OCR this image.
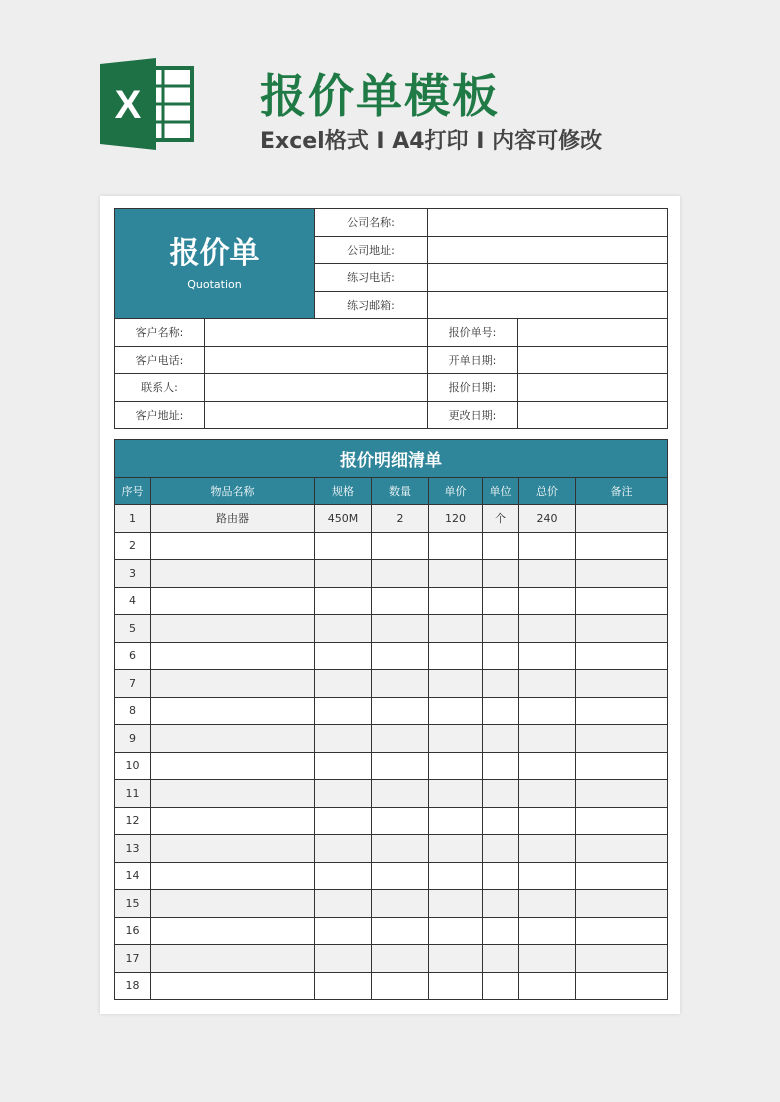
X	报价单模板
Excel格式 I A4打印 I 内容可修改
报价单
Quotation	公司名称:	
	公司地址:	
	练习电话:	
	练习邮箱:	
客户名称:		报价单号:	
客户电话:		开单日期:	
联系人:		报价日期:	
客户地址:		更改日期:	
报价明细清单							
序号	物品名称	规格	数量	单价	单位	总价	备注
1	路由器	450M	2	120	个	240	
2							
3							
4							
5							
6							
7							
8							
9							
10							
11							
12							
13							
14							
15							
16							
17							
18							
